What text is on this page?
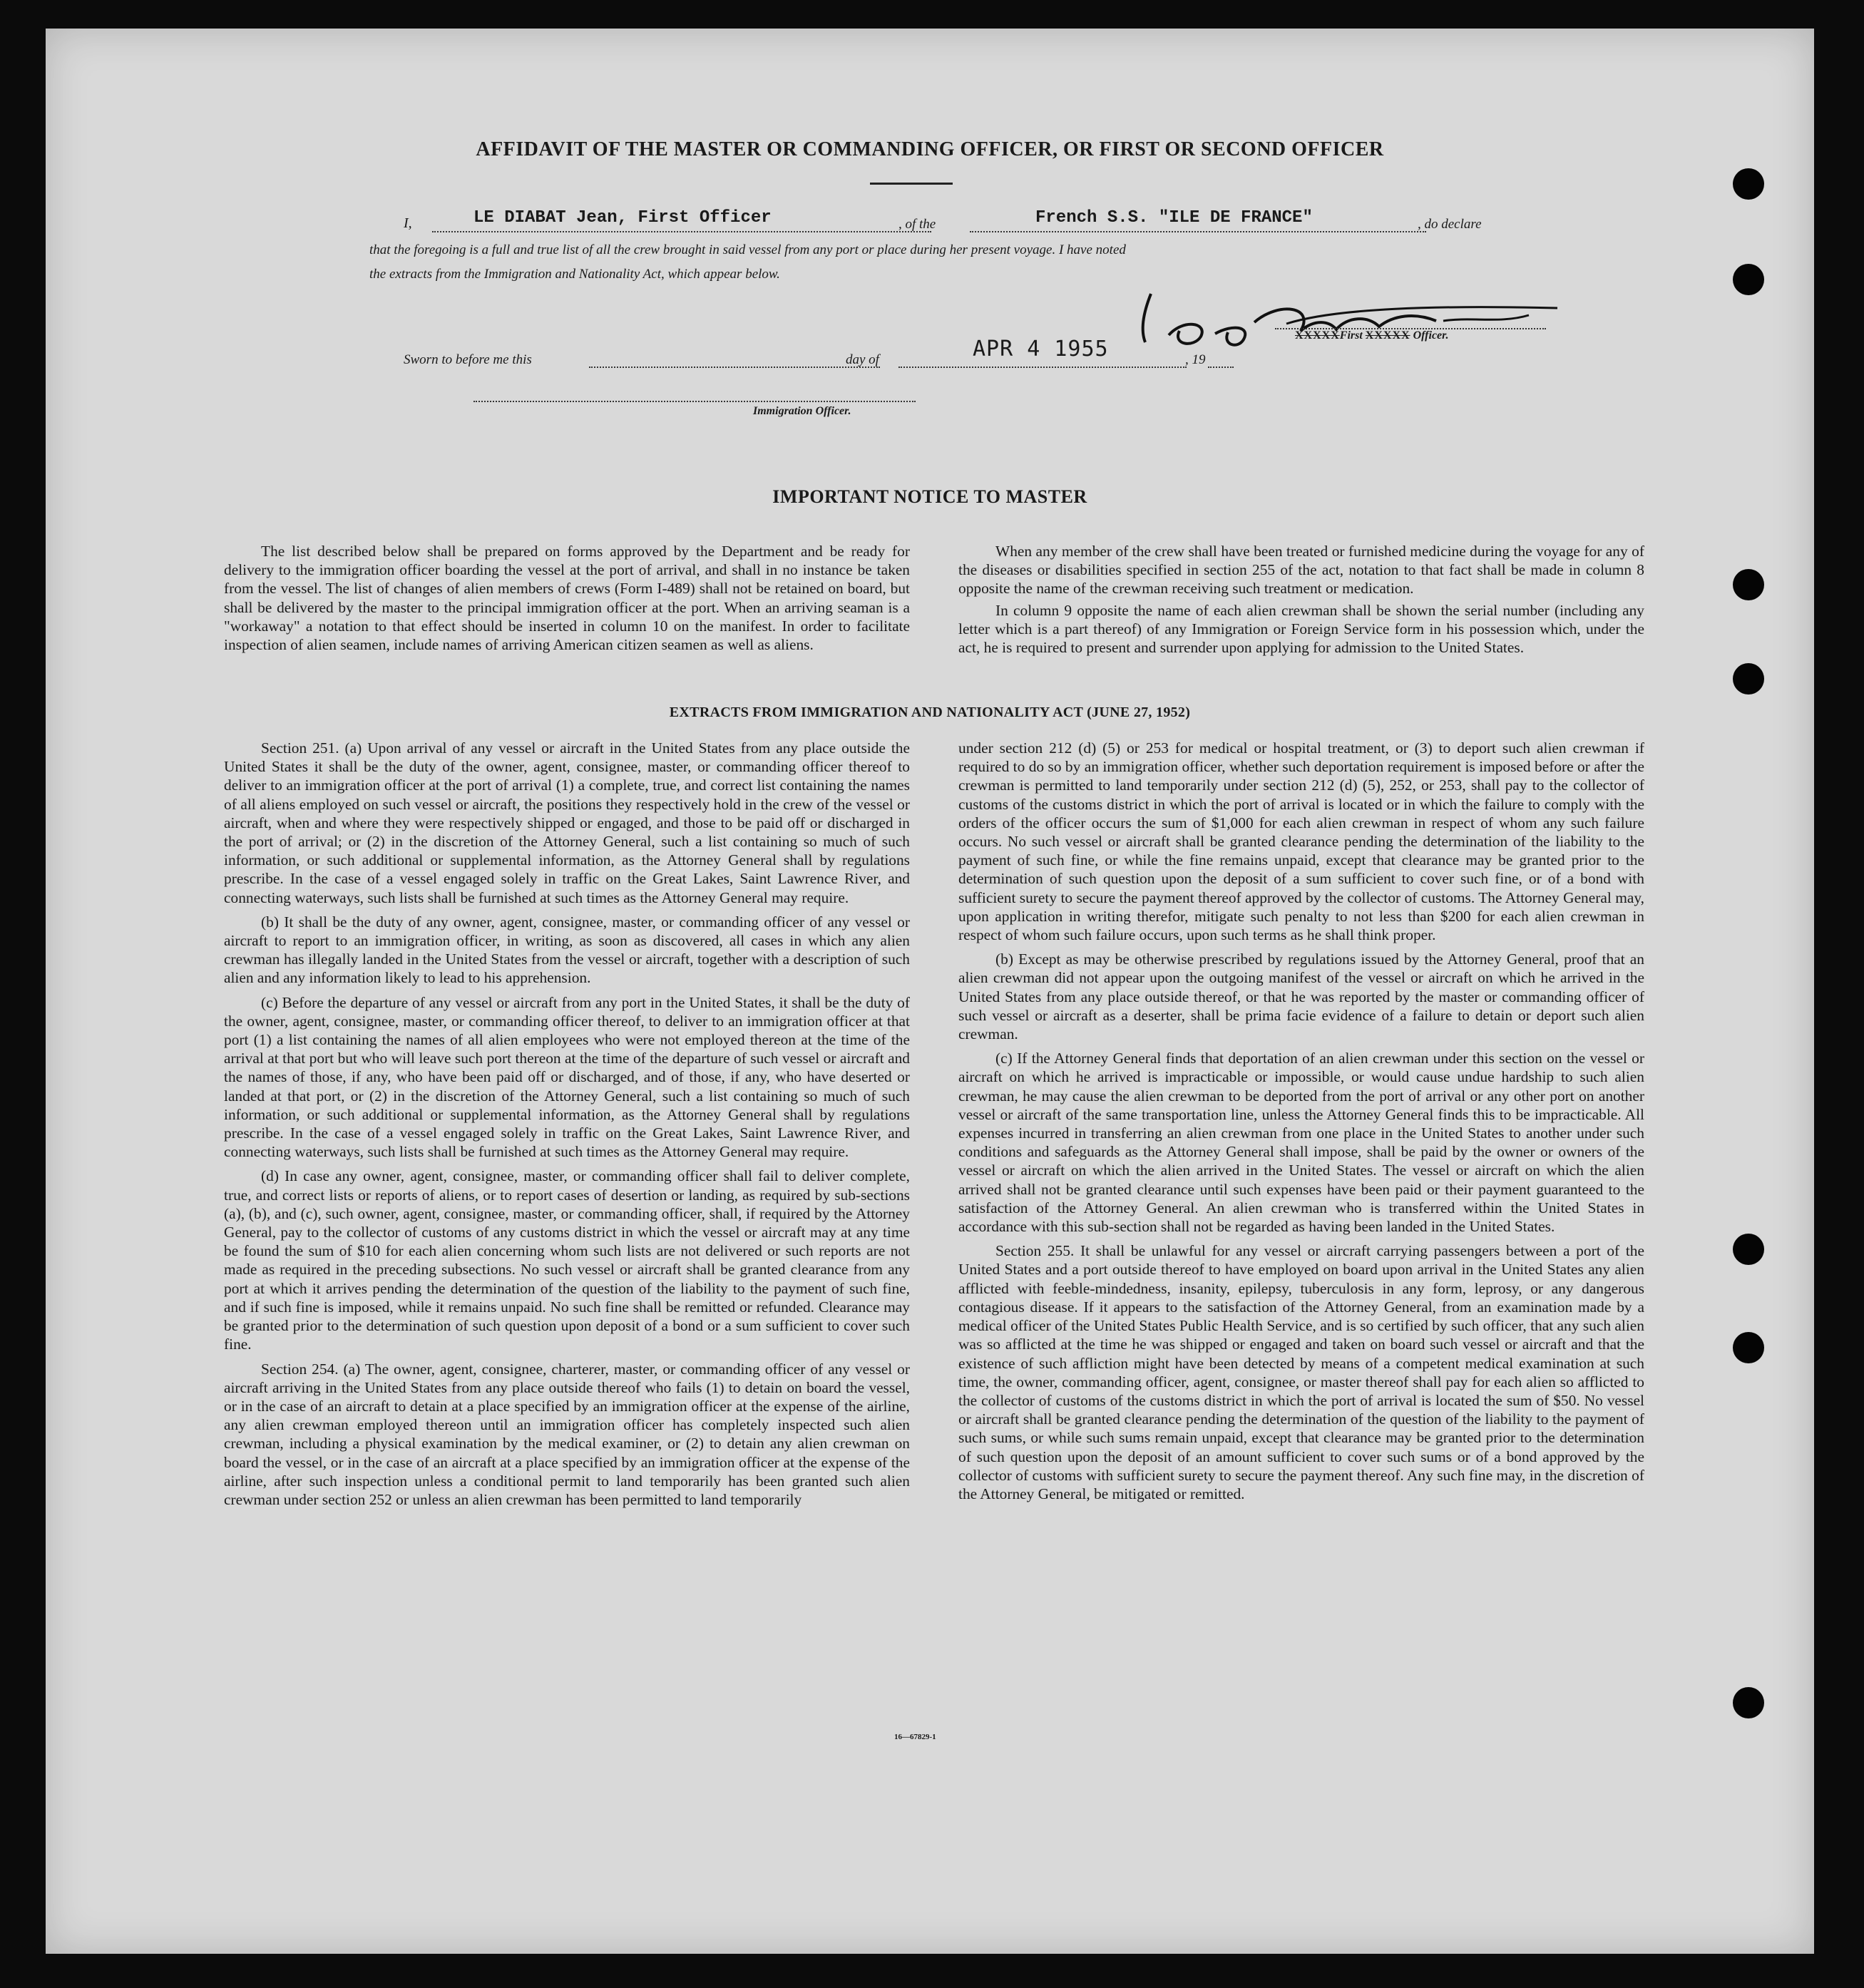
AFFIDAVIT OF THE MASTER OR COMMANDING OFFICER, OR FIRST OR SECOND OFFICER
I,	LE DIABAT Jean, First Officer	, of the	French S.S. "ILE DE FRANCE"	, do declare
that the foregoing is a full and true list of all the crew brought in said vessel from any port or place during her present voyage. I have noted
the extracts from the Immigration and Nationality Act, which appear below.
XXXXXFirst XXXXX Officer.
Sworn to before me this	day of	APR 4 1955	, 19
Immigration Officer.
IMPORTANT NOTICE TO MASTER

The list described below shall be prepared on forms approved by the Department and be ready for delivery to the immigration officer boarding the vessel at the port of arrival, and shall in no instance be taken from the vessel. The list of changes of alien members of crews (Form I-489) shall not be retained on board, but shall be delivered by the master to the principal immigration officer at the port. When an arriving seaman is a "workaway" a notation to that effect should be inserted in column 10 on the manifest. In order to facilitate inspection of alien seamen, include names of arriving American citizen seamen as well as aliens.

When any member of the crew shall have been treated or furnished medicine during the voyage for any of the diseases or disabilities specified in section 255 of the act, notation to that fact shall be made in column 8 opposite the name of the crewman receiving such treatment or medication.

In column 9 opposite the name of each alien crewman shall be shown the serial number (including any letter which is a part thereof) of any Immigration or Foreign Service form in his possession which, under the act, he is required to present and surrender upon applying for admission to the United States.

EXTRACTS FROM IMMIGRATION AND NATIONALITY ACT (JUNE 27, 1952)

Section 251. (a) Upon arrival of any vessel or aircraft in the United States from any place outside the United States it shall be the duty of the owner, agent, consignee, master, or commanding officer thereof to deliver to an immigration officer at the port of arrival (1) a complete, true, and correct list containing the names of all aliens employed on such vessel or aircraft, the positions they respectively hold in the crew of the vessel or aircraft, when and where they were respectively shipped or engaged, and those to be paid off or discharged in the port of arrival; or (2) in the discretion of the Attorney General, such a list containing so much of such information, or such additional or supplemental information, as the Attorney General shall by regulations prescribe. In the case of a vessel engaged solely in traffic on the Great Lakes, Saint Lawrence River, and connecting waterways, such lists shall be furnished at such times as the Attorney General may require.

(b) It shall be the duty of any owner, agent, consignee, master, or commanding officer of any vessel or aircraft to report to an immigration officer, in writing, as soon as discovered, all cases in which any alien crewman has illegally landed in the United States from the vessel or aircraft, together with a description of such alien and any information likely to lead to his apprehension.

(c) Before the departure of any vessel or aircraft from any port in the United States, it shall be the duty of the owner, agent, consignee, master, or commanding officer thereof, to deliver to an immigration officer at that port (1) a list containing the names of all alien employees who were not employed thereon at the time of the arrival at that port but who will leave such port thereon at the time of the departure of such vessel or aircraft and the names of those, if any, who have been paid off or discharged, and of those, if any, who have deserted or landed at that port, or (2) in the discretion of the Attorney General, such a list containing so much of such information, or such additional or supplemental information, as the Attorney General shall by regulations prescribe. In the case of a vessel engaged solely in traffic on the Great Lakes, Saint Lawrence River, and connecting waterways, such lists shall be furnished at such times as the Attorney General may require.

(d) In case any owner, agent, consignee, master, or commanding officer shall fail to deliver complete, true, and correct lists or reports of aliens, or to report cases of desertion or landing, as required by sub-sections (a), (b), and (c), such owner, agent, consignee, master, or commanding officer, shall, if required by the Attorney General, pay to the collector of customs of any customs district in which the vessel or aircraft may at any time be found the sum of $10 for each alien concerning whom such lists are not delivered or such reports are not made as required in the preceding subsections. No such vessel or aircraft shall be granted clearance from any port at which it arrives pending the determination of the question of the liability to the payment of such fine, and if such fine is imposed, while it remains unpaid. No such fine shall be remitted or refunded. Clearance may be granted prior to the determination of such question upon deposit of a bond or a sum sufficient to cover such fine.

Section 254. (a) The owner, agent, consignee, charterer, master, or commanding officer of any vessel or aircraft arriving in the United States from any place outside thereof who fails (1) to detain on board the vessel, or in the case of an aircraft to detain at a place specified by an immigration officer at the expense of the airline, any alien crewman employed thereon until an immigration officer has completely inspected such alien crewman, including a physical examination by the medical examiner, or (2) to detain any alien crewman on board the vessel, or in the case of an aircraft at a place specified by an immigration officer at the expense of the airline, after such inspection unless a conditional permit to land temporarily has been granted such alien crewman under section 252 or unless an alien crewman has been permitted to land temporarily

under section 212 (d) (5) or 253 for medical or hospital treatment, or (3) to deport such alien crewman if required to do so by an immigration officer, whether such deportation requirement is imposed before or after the crewman is permitted to land temporarily under section 212 (d) (5), 252, or 253, shall pay to the collector of customs of the customs district in which the port of arrival is located or in which the failure to comply with the orders of the officer occurs the sum of $1,000 for each alien crewman in respect of whom any such failure occurs. No such vessel or aircraft shall be granted clearance pending the determination of the liability to the payment of such fine, or while the fine remains unpaid, except that clearance may be granted prior to the determination of such question upon the deposit of a sum sufficient to cover such fine, or of a bond with sufficient surety to secure the payment thereof approved by the collector of customs. The Attorney General may, upon application in writing therefor, mitigate such penalty to not less than $200 for each alien crewman in respect of whom such failure occurs, upon such terms as he shall think proper.

(b) Except as may be otherwise prescribed by regulations issued by the Attorney General, proof that an alien crewman did not appear upon the outgoing manifest of the vessel or aircraft on which he arrived in the United States from any place outside thereof, or that he was reported by the master or commanding officer of such vessel or aircraft as a deserter, shall be prima facie evidence of a failure to detain or deport such alien crewman.

(c) If the Attorney General finds that deportation of an alien crewman under this section on the vessel or aircraft on which he arrived is impracticable or impossible, or would cause undue hardship to such alien crewman, he may cause the alien crewman to be deported from the port of arrival or any other port on another vessel or aircraft of the same transportation line, unless the Attorney General finds this to be impracticable. All expenses incurred in transferring an alien crewman from one place in the United States to another under such conditions and safeguards as the Attorney General shall impose, shall be paid by the owner or owners of the vessel or aircraft on which the alien arrived in the United States. The vessel or aircraft on which the alien arrived shall not be granted clearance until such expenses have been paid or their payment guaranteed to the satisfaction of the Attorney General. An alien crewman who is transferred within the United States in accordance with this sub-section shall not be regarded as having been landed in the United States.

Section 255. It shall be unlawful for any vessel or aircraft carrying passengers between a port of the United States and a port outside thereof to have employed on board upon arrival in the United States any alien afflicted with feeble-mindedness, insanity, epilepsy, tuberculosis in any form, leprosy, or any dangerous contagious disease. If it appears to the satisfaction of the Attorney General, from an examination made by a medical officer of the United States Public Health Service, and is so certified by such officer, that any such alien was so afflicted at the time he was shipped or engaged and taken on board such vessel or aircraft and that the existence of such affliction might have been detected by means of a competent medical examination at such time, the owner, commanding officer, agent, consignee, or master thereof shall pay for each alien so afflicted to the collector of customs of the customs district in which the port of arrival is located the sum of $50. No vessel or aircraft shall be granted clearance pending the determination of the question of the liability to the payment of such sums, or while such sums remain unpaid, except that clearance may be granted prior to the determination of such question upon the deposit of an amount sufficient to cover such sums or of a bond approved by the collector of customs with sufficient surety to secure the payment thereof. Any such fine may, in the discretion of the Attorney General, be mitigated or remitted.

16—67829-1
